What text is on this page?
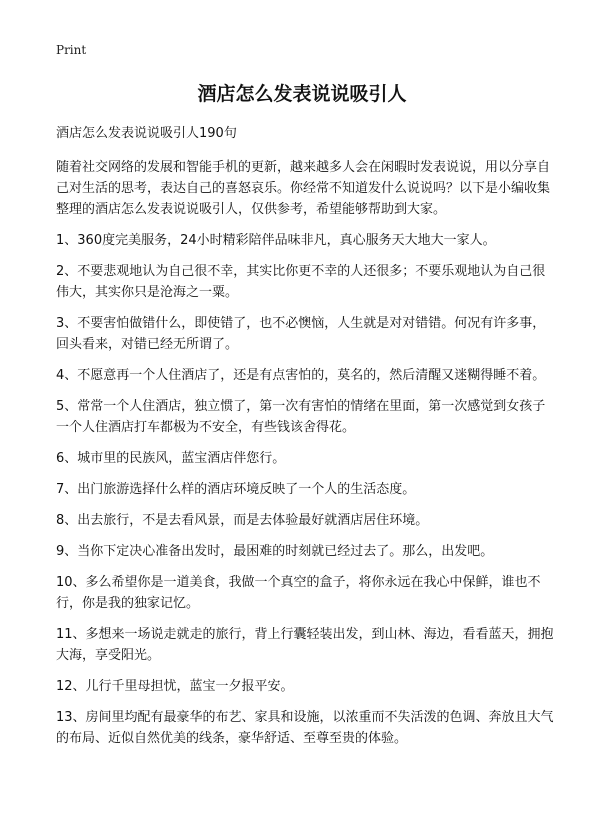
Print
酒店怎么发表说说吸引人
酒店怎么发表说说吸引人190句
随着社交网络的发展和智能手机的更新，越来越多人会在闲暇时发表说说，用以分享自己对生活的思考，表达自己的喜怒哀乐。你经常不知道发什么说说吗？以下是小编收集整理的酒店怎么发表说说吸引人，仅供参考，希望能够帮助到大家。
1、360度完美服务，24小时精彩陪伴品味非凡，真心服务天大地大一家人。
2、不要悲观地认为自己很不幸，其实比你更不幸的人还很多；不要乐观地认为自己很伟大，其实你只是沧海之一粟。
3、不要害怕做错什么，即使错了，也不必懊恼，人生就是对对错错。何况有许多事，回头看来，对错已经无所谓了。
4、不愿意再一个人住酒店了，还是有点害怕的，莫名的，然后清醒又迷糊得睡不着。
5、常常一个人住酒店，独立惯了，第一次有害怕的情绪在里面，第一次感觉到女孩子一个人住酒店打车都极为不安全，有些钱该舍得花。
6、城市里的民族风，蓝宝酒店伴您行。
7、出门旅游选择什么样的酒店环境反映了一个人的生活态度。
8、出去旅行，不是去看风景，而是去体验最好就酒店居住环境。
9、当你下定决心准备出发时，最困难的时刻就已经过去了。那么，出发吧。
10、多么希望你是一道美食，我做一个真空的盒子，将你永远在我心中保鲜，谁也不行，你是我的独家记忆。
11、多想来一场说走就走的旅行，背上行囊轻装出发，到山林、海边，看看蓝天，拥抱大海，享受阳光。
12、儿行千里母担忧，蓝宝一夕报平安。
13、房间里均配有最豪华的布艺、家具和设施，以浓重而不失活泼的色调、奔放且大气的布局、近似自然优美的线条，豪华舒适、至尊至贵的体验。
